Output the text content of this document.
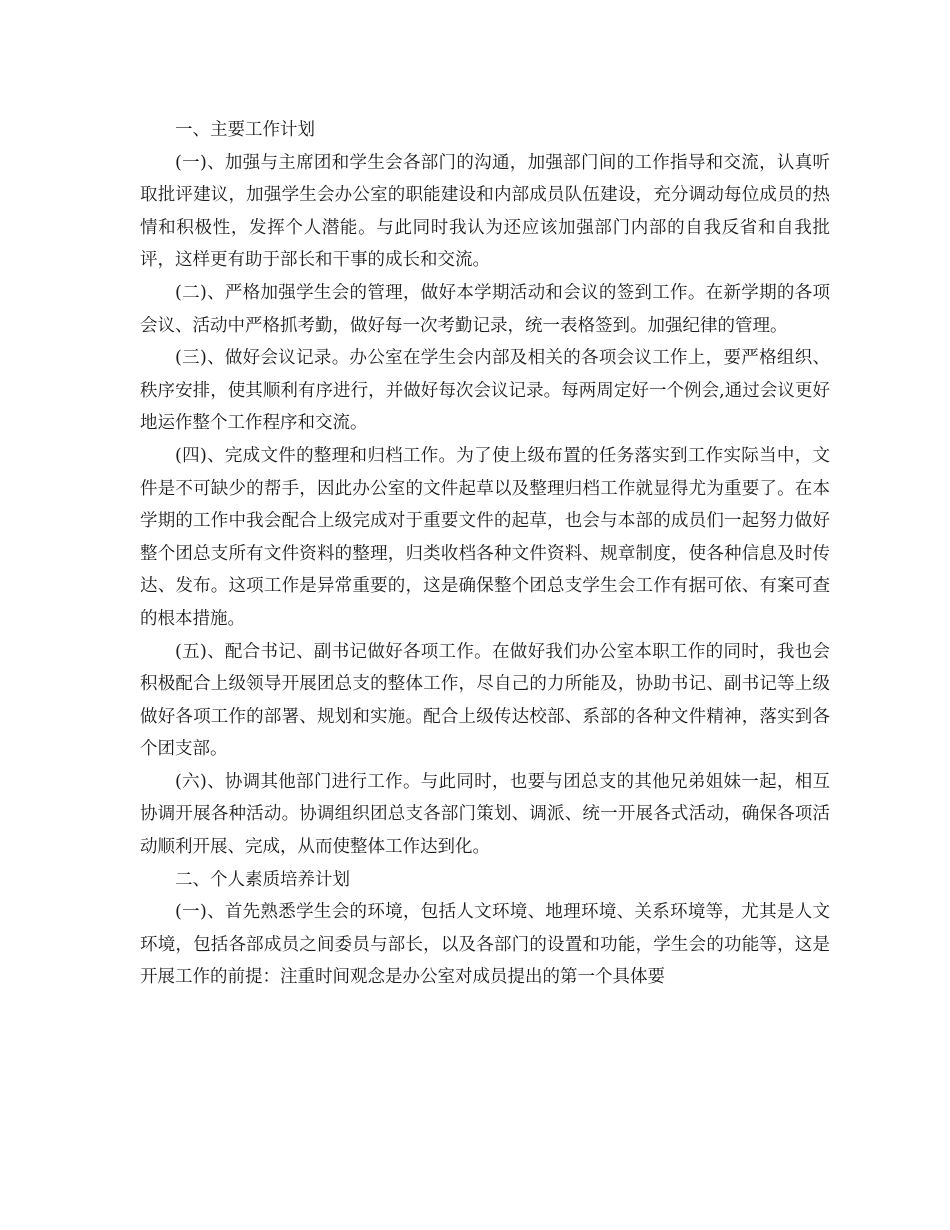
一、主要工作计划

(一)、加强与主席团和学生会各部门的沟通，加强部门间的工作指导和交流，认真听取批评建议，加强学生会办公室的职能建设和内部成员队伍建设，充分调动每位成员的热情和积极性，发挥个人潜能。与此同时我认为还应该加强部门内部的自我反省和自我批评，这样更有助于部长和干事的成长和交流。

(二)、严格加强学生会的管理，做好本学期活动和会议的签到工作。在新学期的各项会议、活动中严格抓考勤，做好每一次考勤记录，统一表格签到。加强纪律的管理。

(三)、做好会议记录。办公室在学生会内部及相关的各项会议工作上，要严格组织、秩序安排，使其顺利有序进行，并做好每次会议记录。每两周定好一个例会,通过会议更好地运作整个工作程序和交流。

(四)、完成文件的整理和归档工作。为了使上级布置的任务落实到工作实际当中，文件是不可缺少的帮手，因此办公室的文件起草以及整理归档工作就显得尤为重要了。在本学期的工作中我会配合上级完成对于重要文件的起草，也会与本部的成员们一起努力做好整个团总支所有文件资料的整理，归类收档各种文件资料、规章制度，使各种信息及时传达、发布。这项工作是异常重要的，这是确保整个团总支学生会工作有据可依、有案可查的根本措施。

(五)、配合书记、副书记做好各项工作。在做好我们办公室本职工作的同时，我也会积极配合上级领导开展团总支的整体工作，尽自己的力所能及，协助书记、副书记等上级做好各项工作的部署、规划和实施。配合上级传达校部、系部的各种文件精神，落实到各个团支部。

(六)、协调其他部门进行工作。与此同时，也要与团总支的其他兄弟姐妹一起，相互协调开展各种活动。协调组织团总支各部门策划、调派、统一开展各式活动，确保各项活动顺利开展、完成，从而使整体工作达到化。

二、个人素质培养计划

(一)、首先熟悉学生会的环境，包括人文环境、地理环境、关系环境等，尤其是人文环境，包括各部成员之间委员与部长，以及各部门的设置和功能，学生会的功能等，这是开展工作的前提：注重时间观念是办公室对成员提出的第一个具体要
